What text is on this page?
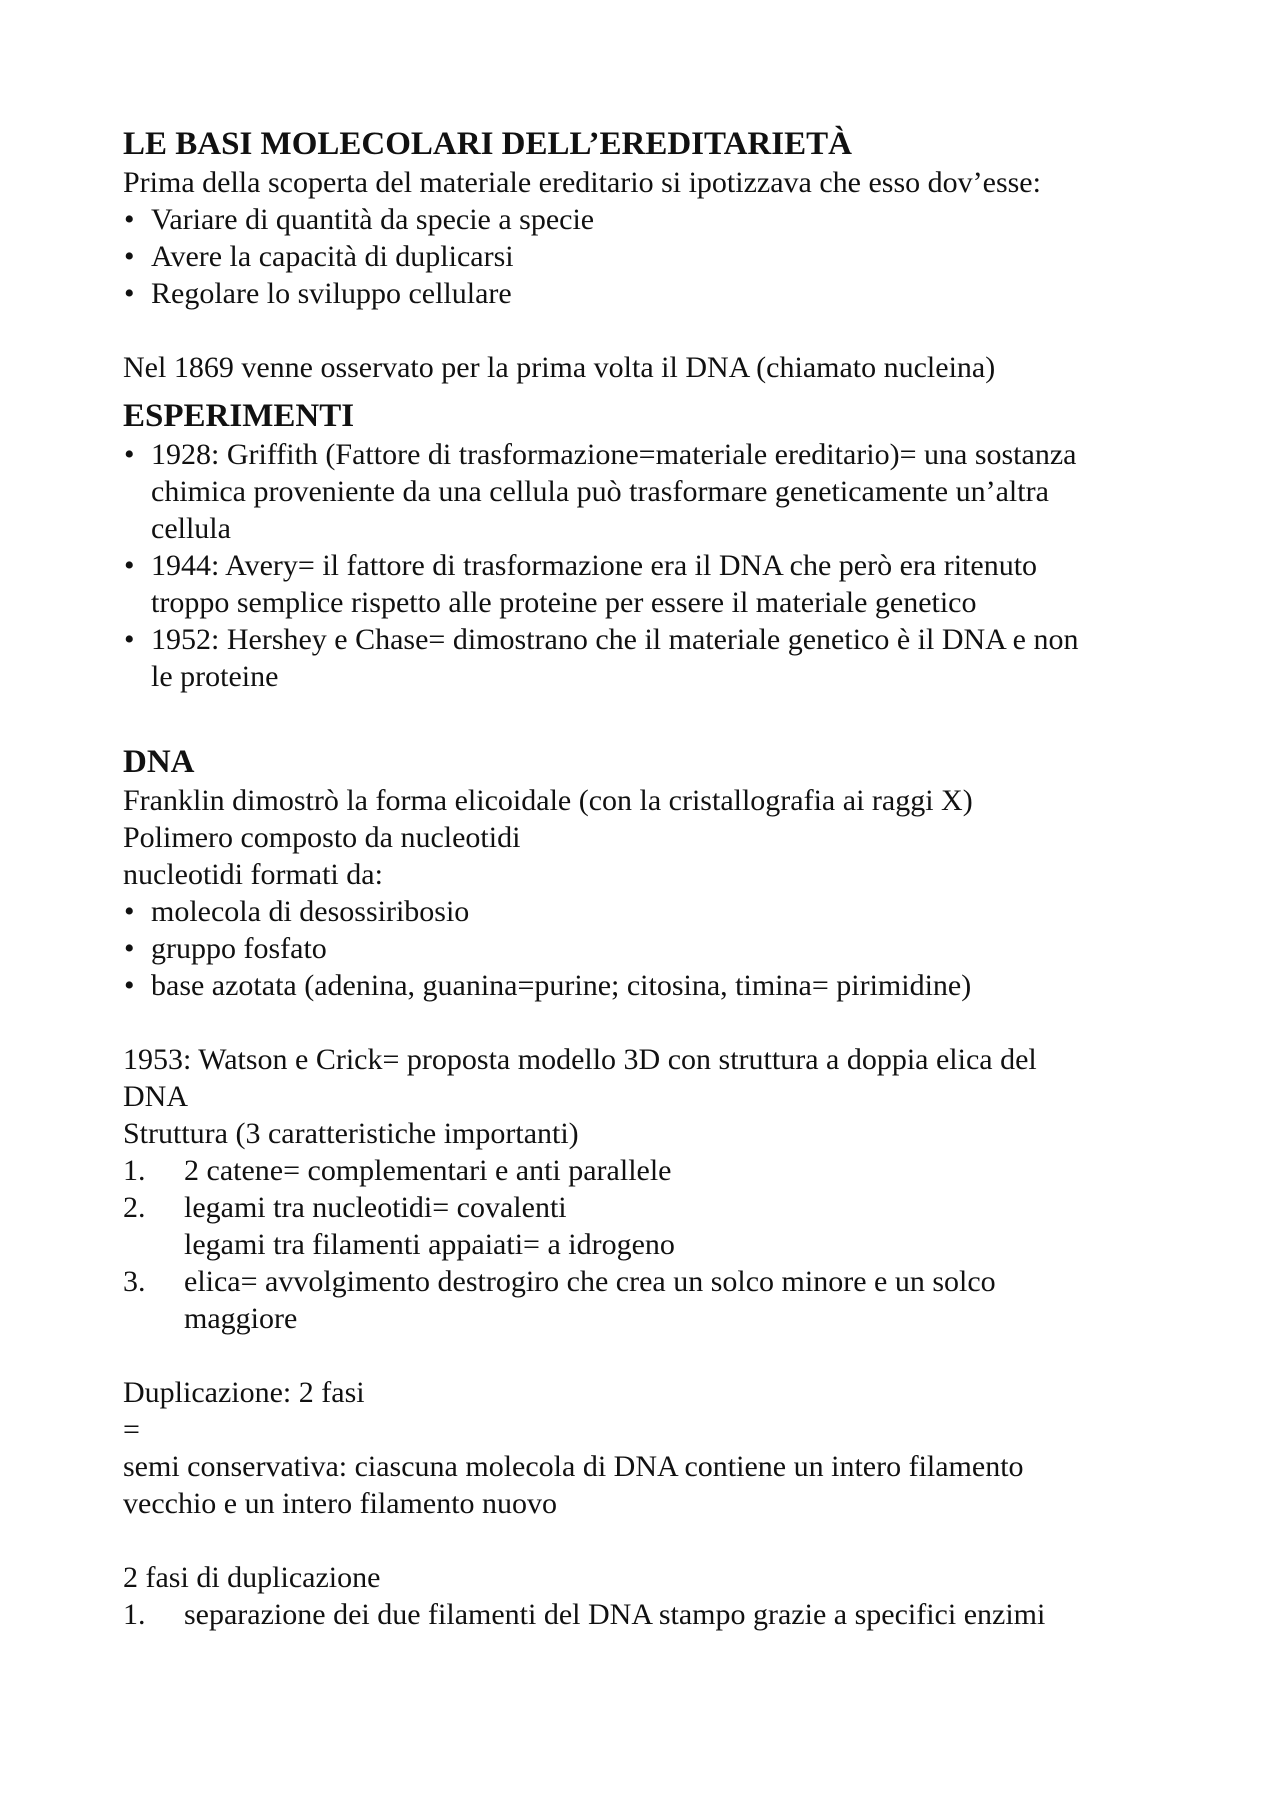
LE BASI MOLECOLARI DELL’EREDITARIETÀ
Prima della scoperta del materiale ereditario si ipotizzava che esso dov’esse:
• Variare di quantità da specie a specie
• Avere la capacità di duplicarsi
• Regolare lo sviluppo cellulare
Nel 1869 venne osservato per la prima volta il DNA (chiamato nucleina)
ESPERIMENTI
• 1928: Griffith (Fattore di trasformazione=materiale ereditario)= una sostanza
chimica proveniente da una cellula può trasformare geneticamente un’altra
cellula
• 1944: Avery= il fattore di trasformazione era il DNA che però era ritenuto
troppo semplice rispetto alle proteine per essere il materiale genetico
• 1952: Hershey e Chase= dimostrano che il materiale genetico è il DNA e non
le proteine
DNA
Franklin dimostrò la forma elicoidale (con la cristallografia ai raggi X)
Polimero composto da nucleotidi
nucleotidi formati da:
• molecola di desossiribosio
• gruppo fosfato
• base azotata (adenina, guanina=purine; citosina, timina= pirimidine)
1953: Watson e Crick= proposta modello 3D con struttura a doppia elica del
DNA
Struttura (3 caratteristiche importanti)
1. 2 catene= complementari e anti parallele
2. legami tra nucleotidi= covalenti
legami tra filamenti appaiati= a idrogeno
3. elica= avvolgimento destrogiro che crea un solco minore e un solco
maggiore
Duplicazione: 2 fasi
=
semi conservativa: ciascuna molecola di DNA contiene un intero filamento
vecchio e un intero filamento nuovo
2 fasi di duplicazione
1. separazione dei due filamenti del DNA stampo grazie a specifici enzimi
